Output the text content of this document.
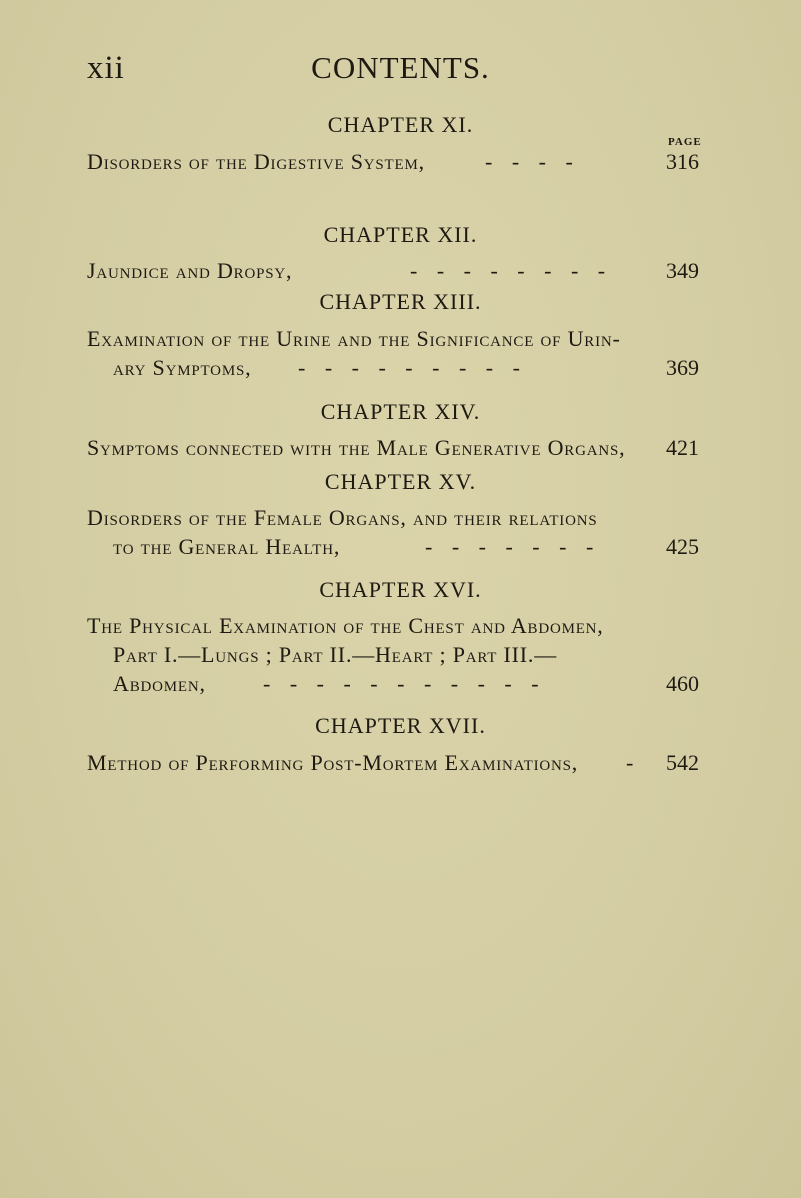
xii	CONTENTS.
PAGE
CHAPTER XI.
Disorders of the Digestive System,	- - - -	316
CHAPTER XII.
Jaundice and Dropsy,	- - - - - - - - 349
CHAPTER XIII.
Examination of the Urine and the Significance of Urin-
ary Symptoms, - - - - - - - - -	369
CHAPTER XIV.
Symptoms connected with the Male Generative Organs, 421
CHAPTER XV.
Disorders of the Female Organs, and their relations
to the General Health,	- - - - - - -	425
CHAPTER XVI.
The Physical Examination of the Chest and Abdomen,
Part I.—Lungs ; Part II.—Heart ; Part III.—
Abdomen,	- - - - - - - - - - -	460
CHAPTER XVII.
Method of Performing Post-Mortem Examinations, - 542
